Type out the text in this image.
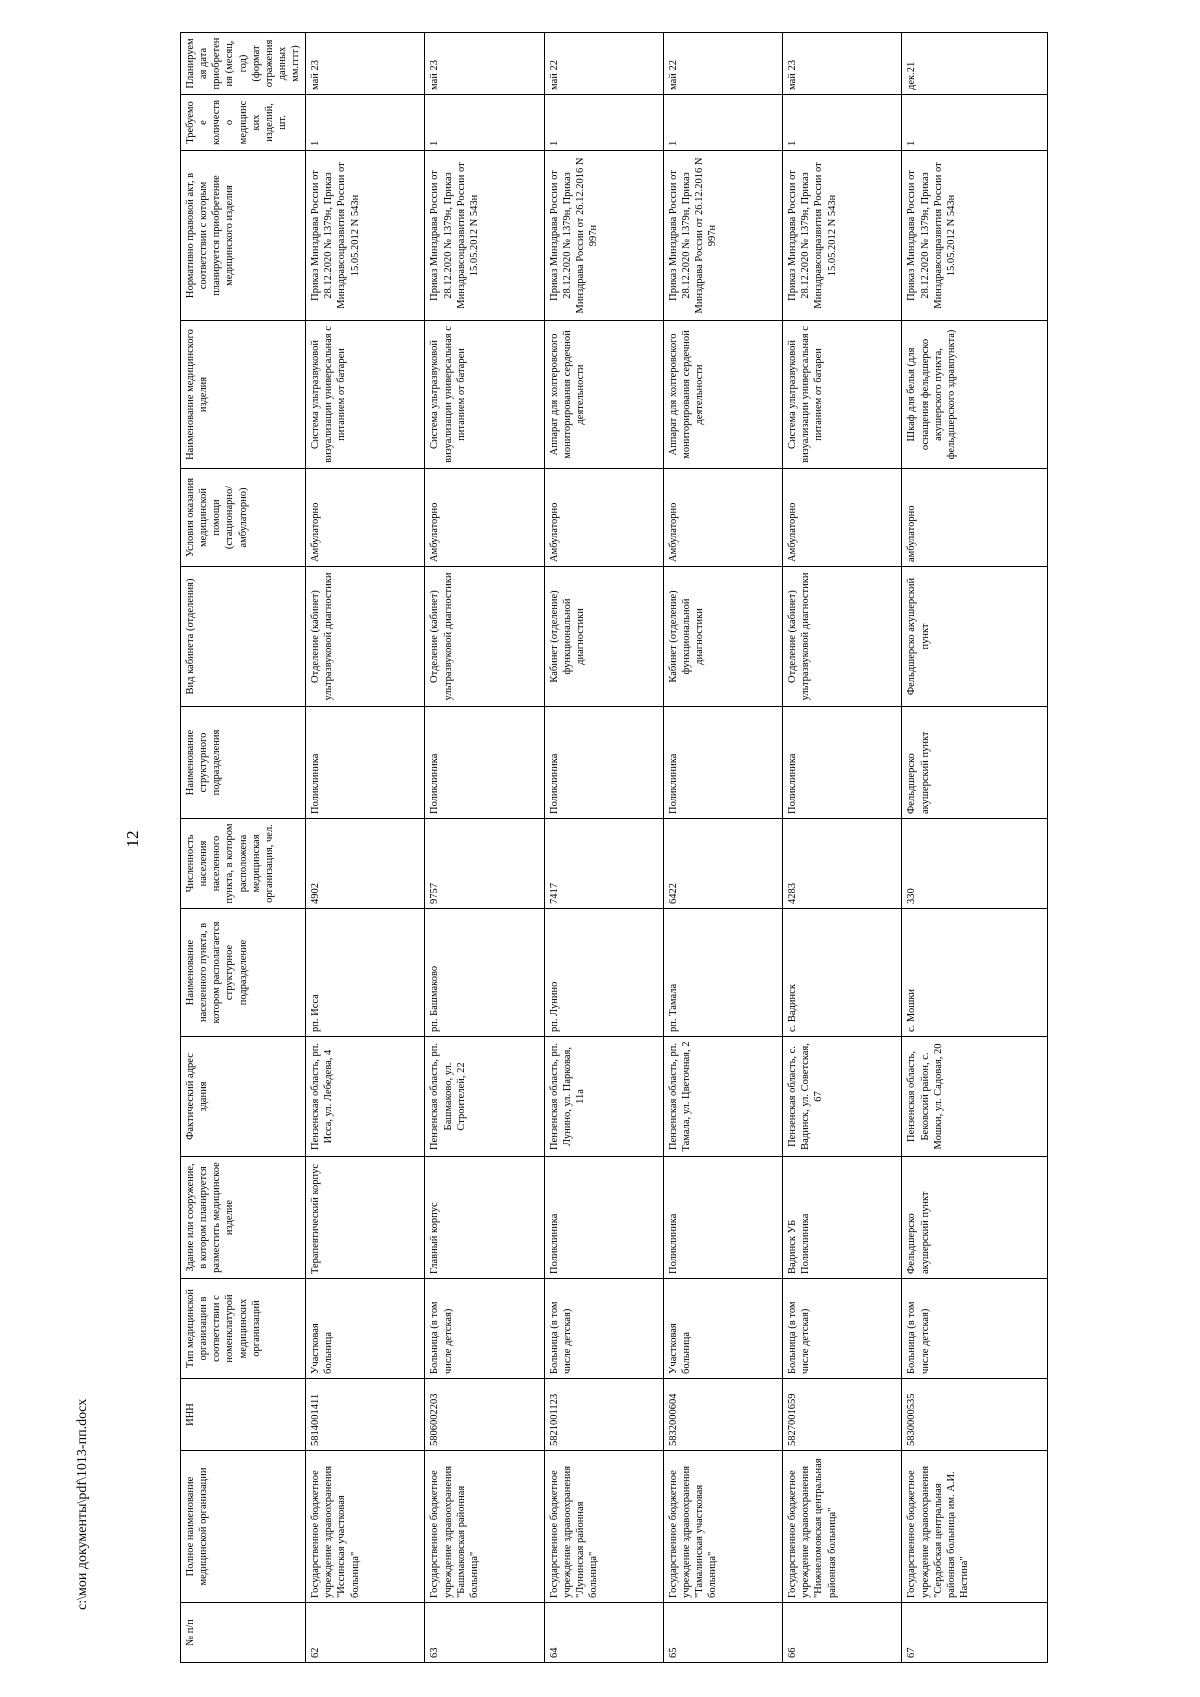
12
c:\мои документы\pdf\1013-пп.docx
№ п/п	Полное наименование медицинской организации	ИНН	Тип медицинской организации в соответствии с номенклатурой медицинских организаций	Здание или сооружение, в котором планируется разместить медицинское изделие	Фактический адрес здания	Наименование населенного пункта, в котором располагается структурное подразделение	Численность населения населенного пункта, в котором расположена медицинская организация, чел.	Наименование структурного подразделения	Вид кабинета (отделения)	Условия оказания медицинской помощи (стационарно/ амбулаторно)	Наименование медицинского изделия	Нормативно правовой акт, в соответствии с которым планируется приобретение медицинского изделия	Требуемое количество медицинских изделий, шт.	Планируемая дата приобретения (месяц, год) (формат отражения данных мм.гггг)
62	Государственное бюджетное учреждение здравоохранения "Иссинская участковая больница"	5814001411	Участковая больница	Терапевтический корпус	Пензенская область, рп. Исса, ул. Лебедева, 4	рп. Исса	4902	Поликлиника	Отделение (кабинет) ультразвуковой диагностики	Амбулаторно	Система ультразвуковой визуализации универсальная с питанием от батареи	Приказ Минздрава России от 28.12.2020 № 1379н, Приказ Минздравсоцразвития России от 15.05.2012 N 543н	1	май 23
63	Государственное бюджетное учреждение здравоохранения "Башмаковская районная больница"	5806002203	Больница (в том числе детская)	Главный корпус	Пензенская область, рп. Башмаково, ул. Строителей, 22	рп. Башмаково	9757	Поликлиника	Отделение (кабинет) ультразвуковой диагностики	Амбулаторно	Система ультразвуковой визуализации универсальная с питанием от батареи	Приказ Минздрава России от 28.12.2020 № 1379н, Приказ Минздравсоцразвития России от 15.05.2012 N 543н	1	май 23
64	Государственное бюджетное учреждение здравоохранения "Лунинская районная больница"	5821001123	Больница (в том числе детская)	Поликлиника	Пензенская область, рп. Лунино, ул. Парковая, 11а	рп. Лунино	7417	Поликлиника	Кабинет (отделение) функциональной диагностики	Амбулаторно	Аппарат для холтеровского мониторирования сердечной деятельности	Приказ Минздрава России от 28.12.2020 № 1379н, Приказ Минздрава России от 26.12.2016 N 997н	1	май 22
65	Государственное бюджетное учреждение здравоохранения "Тамалинская участковая больница"	5832000604	Участковая больница	Поликлиника	Пензенская область, рп. Тамала, ул. Цветочная, 2	рп. Тамала	6422	Поликлиника	Кабинет (отделение) функциональной диагностики	Амбулаторно	Аппарат для холтеровского мониторирования сердечной деятельности	Приказ Минздрава России от 28.12.2020 № 1379н, Приказ Минздрава России от 26.12.2016 N 997н	1	май 22
66	Государственное бюджетное учреждение здравоохранения "Нижнеломовская центральная районная больница"	5827001659	Больница (в том числе детская)	Вадинск УБ Поликлиника	Пензенская область, с. Вадинск, ул. Советская, 67	с. Вадинск	4283	Поликлиника	Отделение (кабинет) ультразвуковой диагностики	Амбулаторно	Система ультразвуковой визуализации универсальная с питанием от батареи	Приказ Минздрава России от 28.12.2020 № 1379н, Приказ Минздравсоцразвития России от 15.05.2012 N 543н	1	май 23
67	Государственное бюджетное учреждение здравоохранения "Сердобская центральная районная больница им. А.И. Настина"	5830000535	Больница (в том числе детская)	Фельдшерско акушерский пункт	Пензенская область, Бековский район, с. Мошки, ул. Садовая, 20	с. Мошки	330	Фельдшерско акушерский пункт	Фельдшерско акушерский пункт	амбулаторно	Шкаф для белья (для оснащения фельдшерско акушерского пункта, фельдшерского здравпункта)	Приказ Минздрава России от 28.12.2020 № 1379н, Приказ Минздравсоцразвития России от 15.05.2012 N 543н	1	дек.21
